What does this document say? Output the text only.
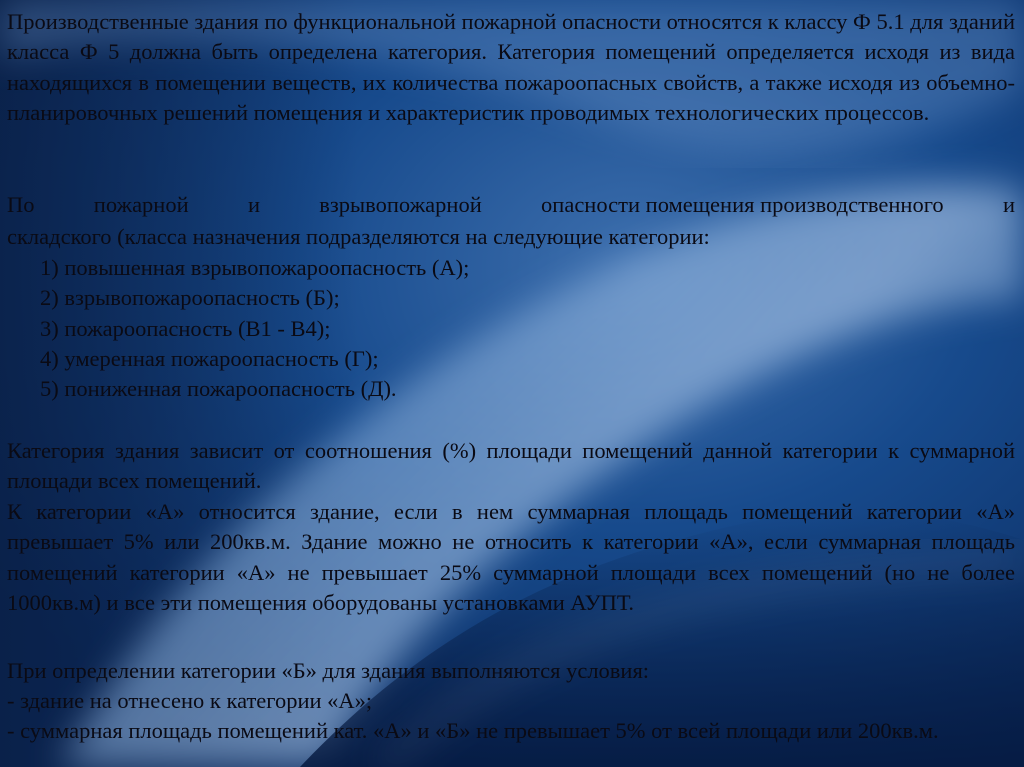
Производственные здания по функциональной пожарной опасности относятся к классу Ф 5.1 для зданий класса Ф 5 должна быть определена категория. Категория помещений определяется исходя из вида находящихся в помещении веществ, их количества пожароопасных свойств, а также исходя из объемно-планировочных решений помещения и характеристик проводимых технологических процессов.

По	пожарной	и	взрывопожарной	опасности помещения производственного	и

складского (класса назначения подразделяются на следующие категории:

1) повышенная взрывопожароопасность (А);
2) взрывопожароопасность (Б);
3) пожароопасность (В1 - В4);
4) умеренная пожароопасность (Г);
5) пониженная пожароопасность (Д).

Категория здания зависит от соотношения (%) площади помещений данной категории к суммарной площади всех помещений.

К категории «А» относится здание, если в нем суммарная площадь помещений категории «А» превышает 5% или 200кв.м. Здание можно не относить к категории «А», если суммарная площадь помещений категории «А» не превышает 25% суммарной площади всех помещений (но не более 1000кв.м) и все эти помещения оборудованы установками АУПТ.

При определении категории «Б» для здания выполняются условия:

- здание на отнесено к категории «А»;

- суммарная площадь помещений кат. «А» и «Б» не превышает 5% от всей площади или 200кв.м.
